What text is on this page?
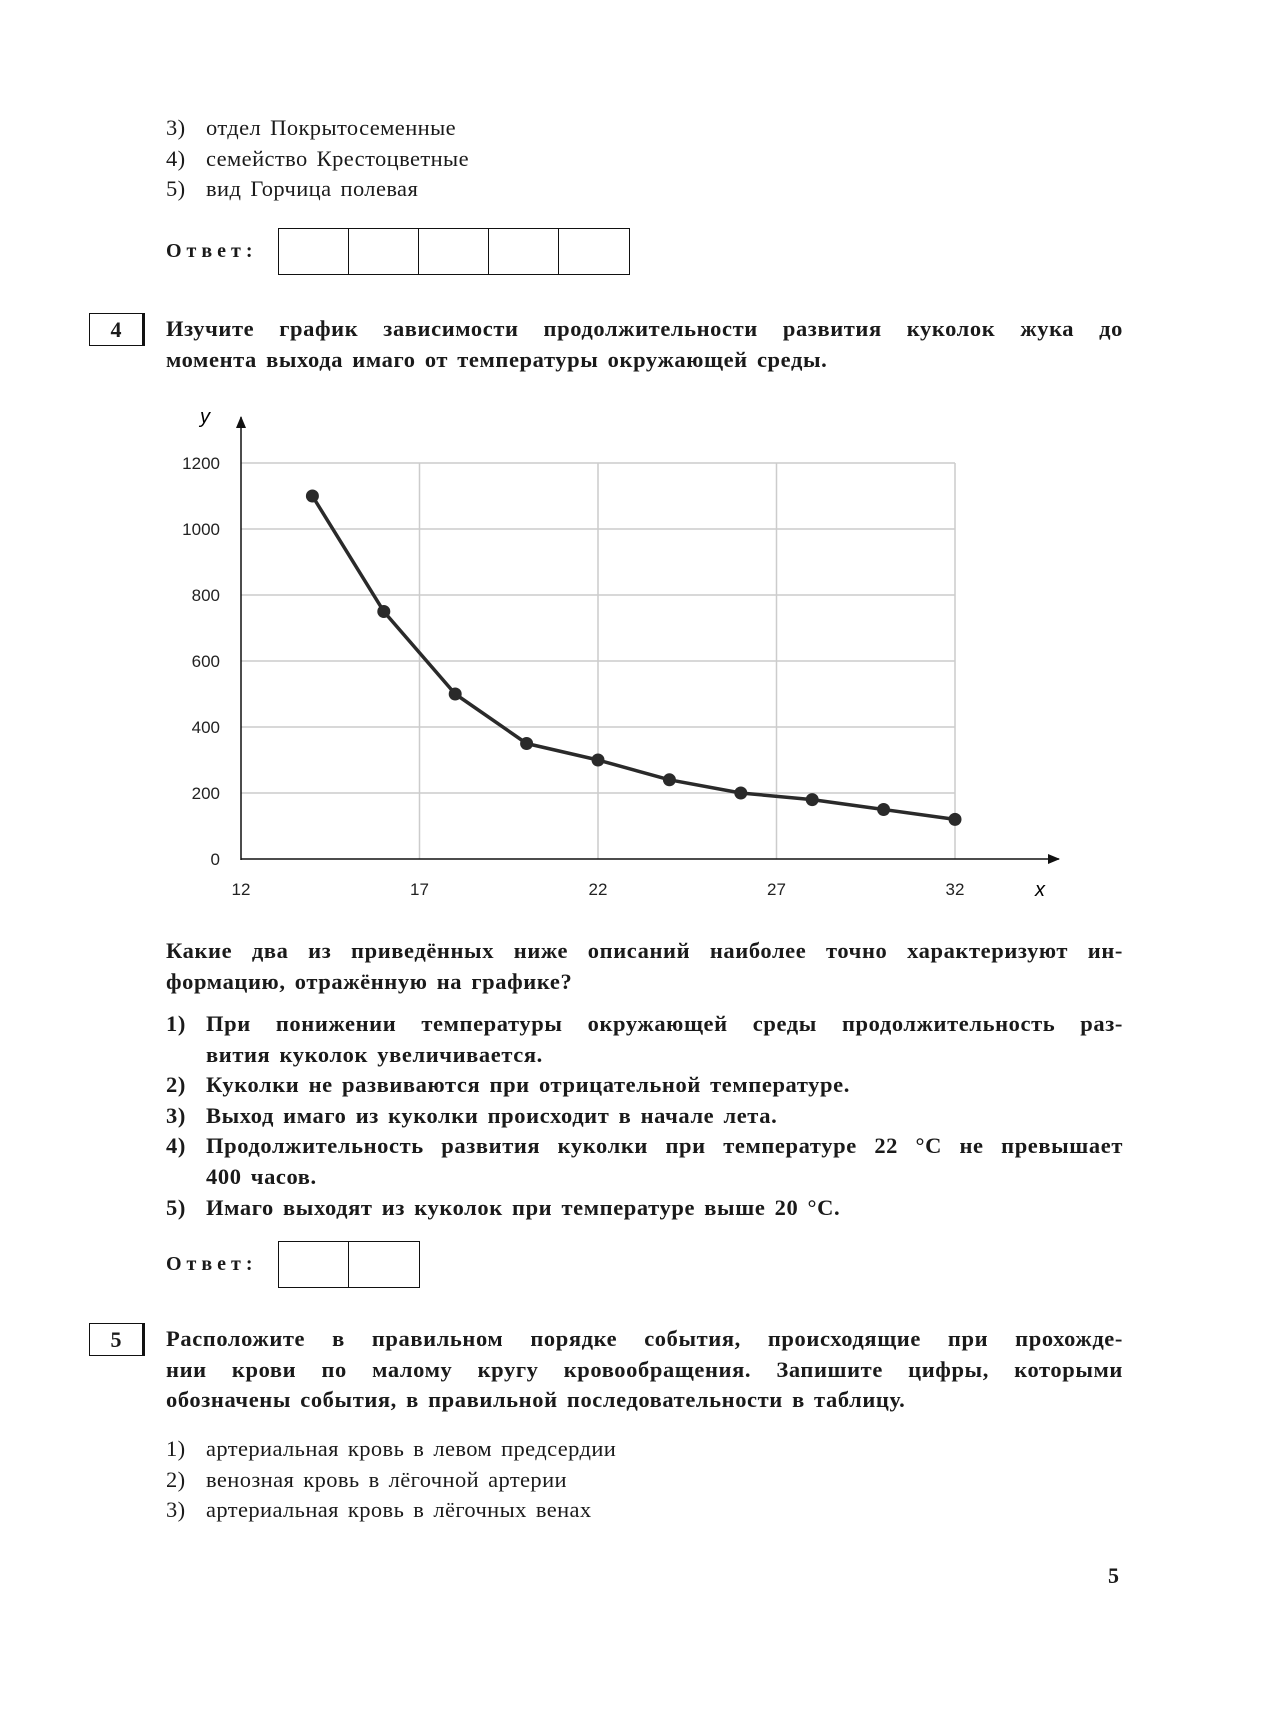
3) отдел Покрытосеменные
4) семейство Крестоцветные
5) вид Горчица полевая
Ответ:
4	Изучите график зависимости продолжительности развития куколок жука до
момента выхода имаго от температуры окружающей среды.
0
200
400
600
800
1000
1200
12	17	22	27	32
y
x
Какие два из приведённых ниже описаний наиболее точно характеризуют ин-
формацию, отражённую на графике?
1) При понижении температуры окружающей среды продолжительность раз-
вития куколок увеличивается.
2) Куколки не развиваются при отрицательной температуре.
3) Выход имаго из куколки происходит в начале лета.
4) Продолжительность развития куколки при температуре 22 °C не превышает
400 часов.
5) Имаго выходят из куколок при температуре выше 20 °C.
Ответ:
5	Расположите в правильном порядке события, происходящие при прохожде-
нии крови по малому кругу кровообращения. Запишите цифры, которыми
обозначены события, в правильной последовательности в таблицу.
1) артериальная кровь в левом предсердии
2) венозная кровь в лёгочной артерии
3) артериальная кровь в лёгочных венах
5
